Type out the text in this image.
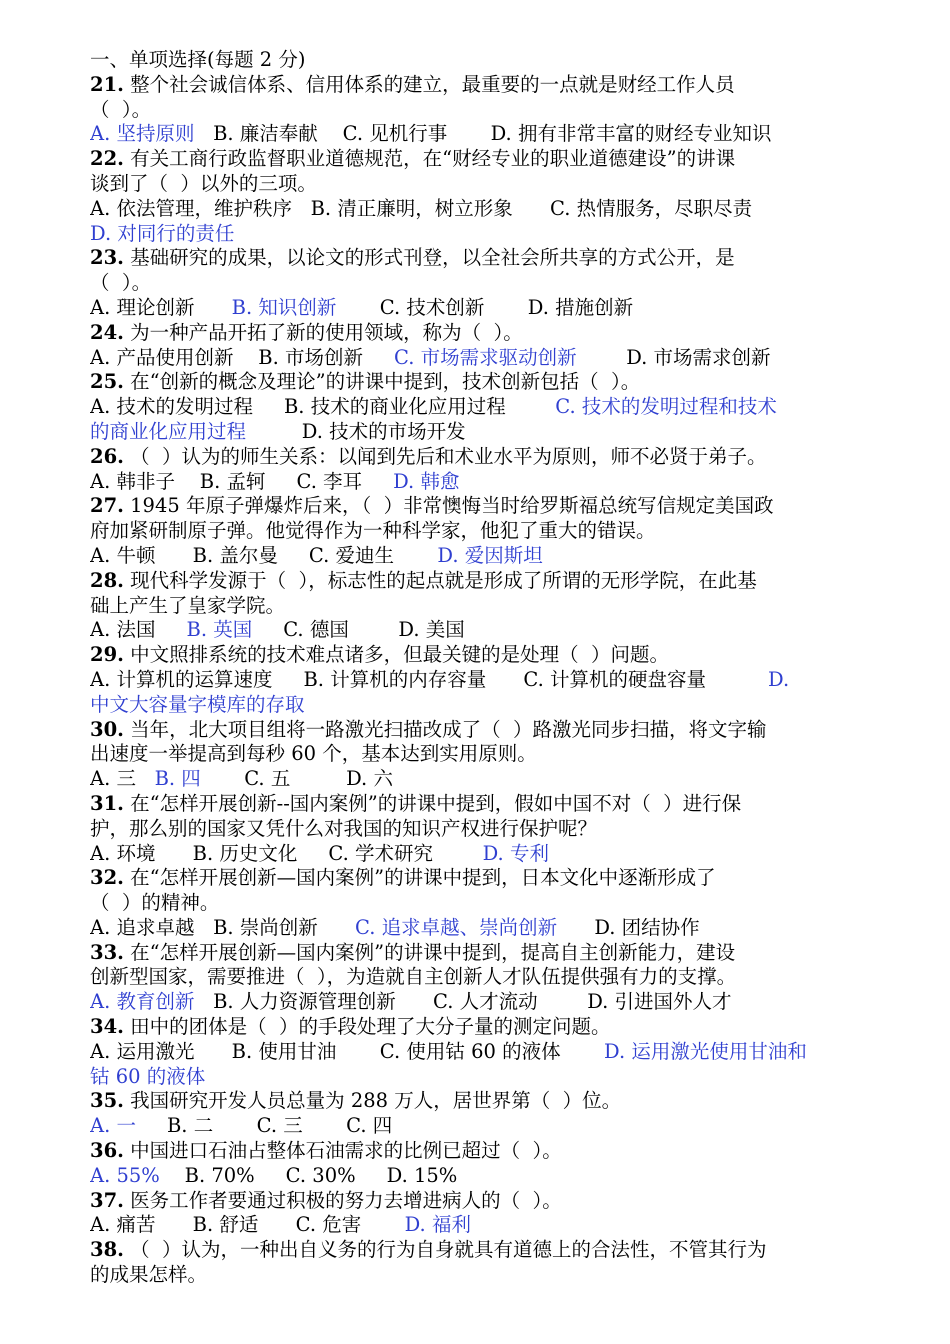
一、单项选择(每题 2 分)
21. 整个社会诚信体系、信用体系的建立，最重要的一点就是财经工作人员
（  ）。
A. 坚持原则   B. 廉洁奉献    C. 见机行事       D. 拥有非常丰富的财经专业知识
22. 有关工商行政监督职业道德规范，在“财经专业的职业道德建设”的讲课
谈到了（  ）以外的三项。
A. 依法管理，维护秩序   B. 清正廉明，树立形象      C. 热情服务，尽职尽责
D. 对同行的责任
23. 基础研究的成果，以论文的形式刊登，以全社会所共享的方式公开，是
（  ）。
A. 理论创新      B. 知识创新       C. 技术创新       D. 措施创新
24. 为一种产品开拓了新的使用领域，称为（  ）。
A. 产品使用创新    B. 市场创新     C. 市场需求驱动创新        D. 市场需求创新
25. 在“创新的概念及理论”的讲课中提到，技术创新包括（  ）。
A. 技术的发明过程     B. 技术的商业化应用过程        C. 技术的发明过程和技术
的商业化应用过程         D. 技术的市场开发
26. （  ）认为的师生关系：以闻到先后和术业水平为原则，师不必贤于弟子。
A. 韩非子    B. 孟轲     C. 李耳     D. 韩愈
27. 1945 年原子弹爆炸后来，（  ）非常懊悔当时给罗斯福总统写信规定美国政
府加紧研制原子弹。他觉得作为一种科学家，他犯了重大的错误。
A. 牛顿      B. 盖尔曼     C. 爱迪生       D. 爱因斯坦
28. 现代科学发源于（  ），标志性的起点就是形成了所谓的无形学院，在此基
础上产生了皇家学院。
A. 法国     B. 英国     C. 德国        D. 美国
29. 中文照排系统的技术难点诸多，但最关键的是处理（  ）问题。
A. 计算机的运算速度     B. 计算机的内存容量      C. 计算机的硬盘容量          D.
中文大容量字模库的存取
30. 当年，北大项目组将一路激光扫描改成了（  ）路激光同步扫描，将文字输
出速度一举提高到每秒 60 个，基本达到实用原则。
A. 三   B. 四       C. 五         D. 六
31. 在“怎样开展创新--国内案例”的讲课中提到，假如中国不对（  ）进行保
护，那么别的国家又凭什么对我国的知识产权进行保护呢？
A. 环境      B. 历史文化     C. 学术研究        D. 专利
32. 在“怎样开展创新—国内案例”的讲课中提到，日本文化中逐渐形成了
（  ）的精神。
A. 追求卓越   B. 崇尚创新      C. 追求卓越、崇尚创新      D. 团结协作
33. 在“怎样开展创新—国内案例”的讲课中提到，提高自主创新能力，建设
创新型国家，需要推进（  ），为造就自主创新人才队伍提供强有力的支撑。
A. 教育创新   B. 人力资源管理创新      C. 人才流动        D. 引进国外人才
34. 田中的团体是（  ）的手段处理了大分子量的测定问题。
A. 运用激光      B. 使用甘油       C. 使用钴 60 的液体       D. 运用激光使用甘油和
钴 60 的液体
35. 我国研究开发人员总量为 288 万人，居世界第（  ）位。
A. 一     B. 二       C. 三       C. 四
36. 中国进口石油占整体石油需求的比例已超过（  ）。
A. 55%    B. 70%     C. 30%     D. 15%
37. 医务工作者要通过积极的努力去增进病人的（  ）。
A. 痛苦      B. 舒适      C. 危害       D. 福利
38. （  ）认为，一种出自义务的行为自身就具有道德上的合法性，不管其行为
的成果怎样。
